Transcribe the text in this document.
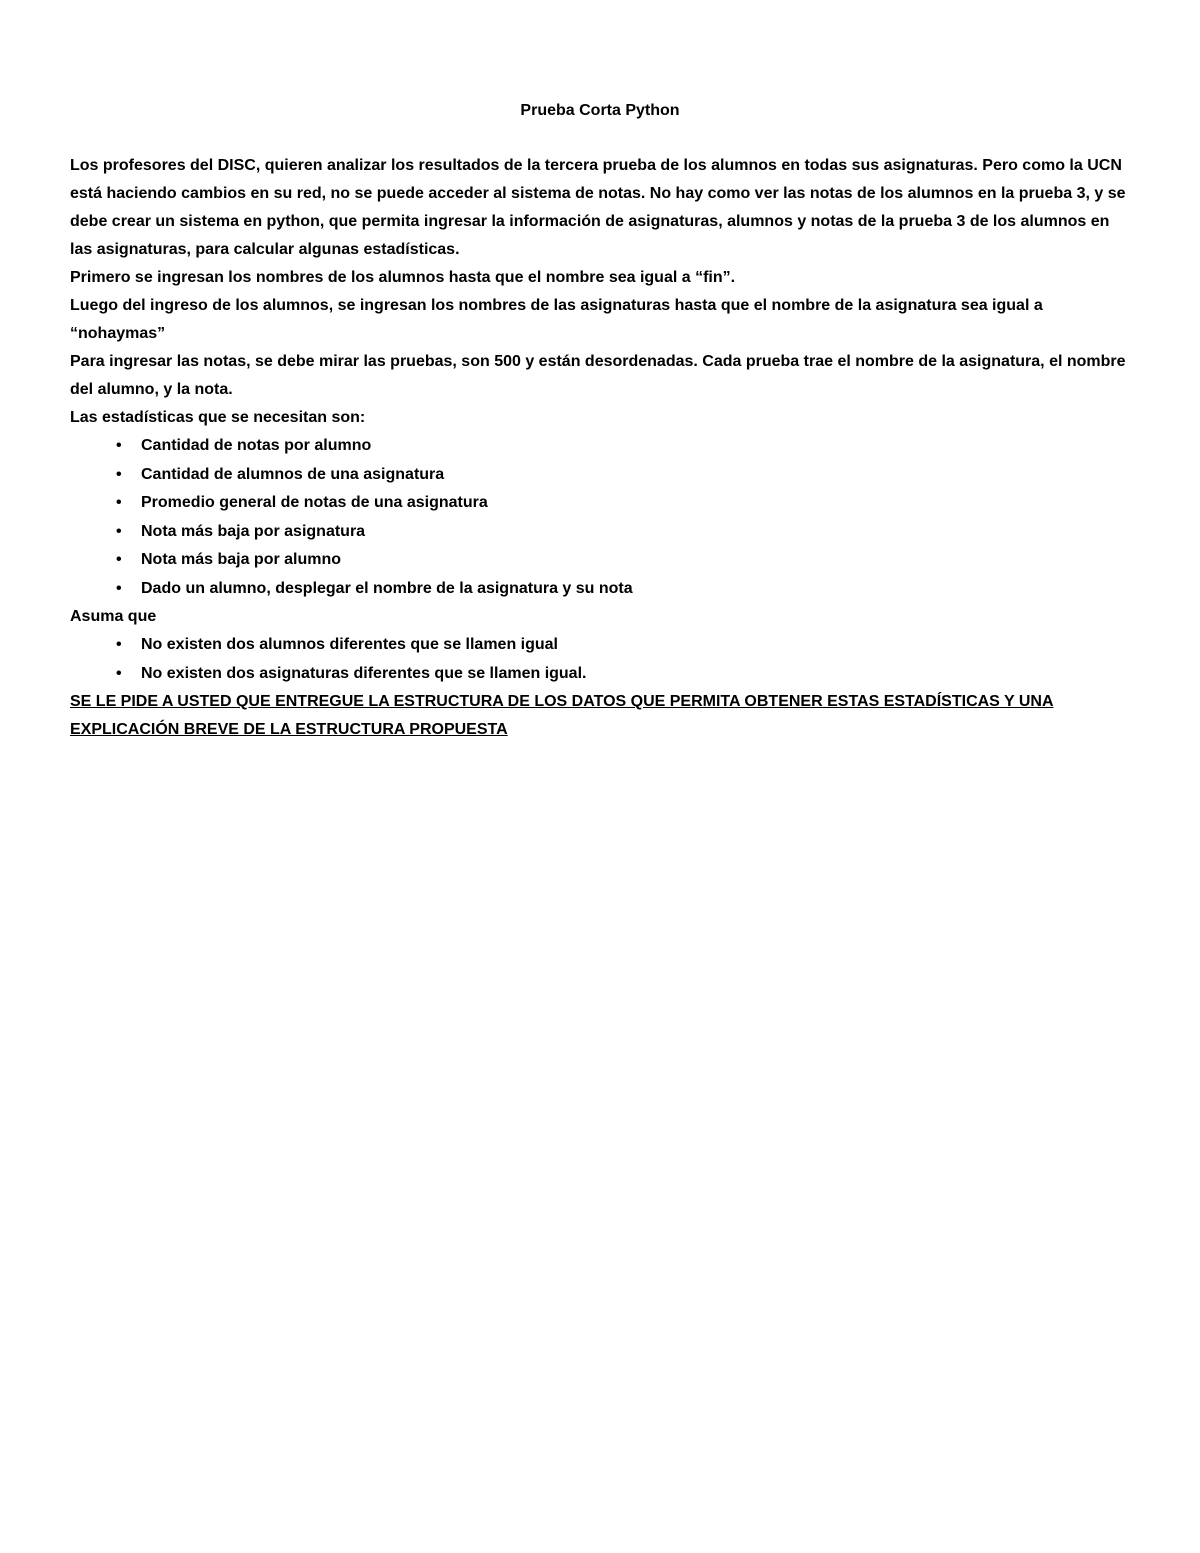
Prueba Corta Python

Los profesores del DISC, quieren analizar los resultados de la tercera prueba de los alumnos en todas sus asignaturas. Pero como la UCN está haciendo cambios en su red, no se puede acceder al sistema de notas. No hay como ver las notas de los alumnos en la prueba 3, y se debe crear un sistema en python, que permita ingresar la información de asignaturas, alumnos y notas de la prueba 3 de los alumnos en las asignaturas, para calcular algunas estadísticas.

Primero se ingresan los nombres de los alumnos hasta que el nombre sea igual a “fin”.

Luego del ingreso de los alumnos, se ingresan los nombres de las asignaturas hasta que el nombre de la asignatura sea igual a “nohaymas”

Para ingresar las notas, se debe mirar las pruebas, son 500 y están desordenadas. Cada prueba trae el nombre de la asignatura, el nombre del alumno, y la nota.

Las estadísticas que se necesitan son:

• Cantidad de notas por alumno
• Cantidad de alumnos de una asignatura
• Promedio general de notas de una asignatura
• Nota más baja por asignatura
• Nota más baja por alumno
• Dado un alumno, desplegar el nombre de la asignatura y su nota

Asuma que

• No existen dos alumnos diferentes que se llamen igual
• No existen dos asignaturas diferentes que se llamen igual.

SE LE PIDE A USTED QUE ENTREGUE LA ESTRUCTURA DE LOS DATOS QUE PERMITA OBTENER ESTAS ESTADÍSTICAS Y UNA EXPLICACIÓN BREVE DE LA ESTRUCTURA PROPUESTA
